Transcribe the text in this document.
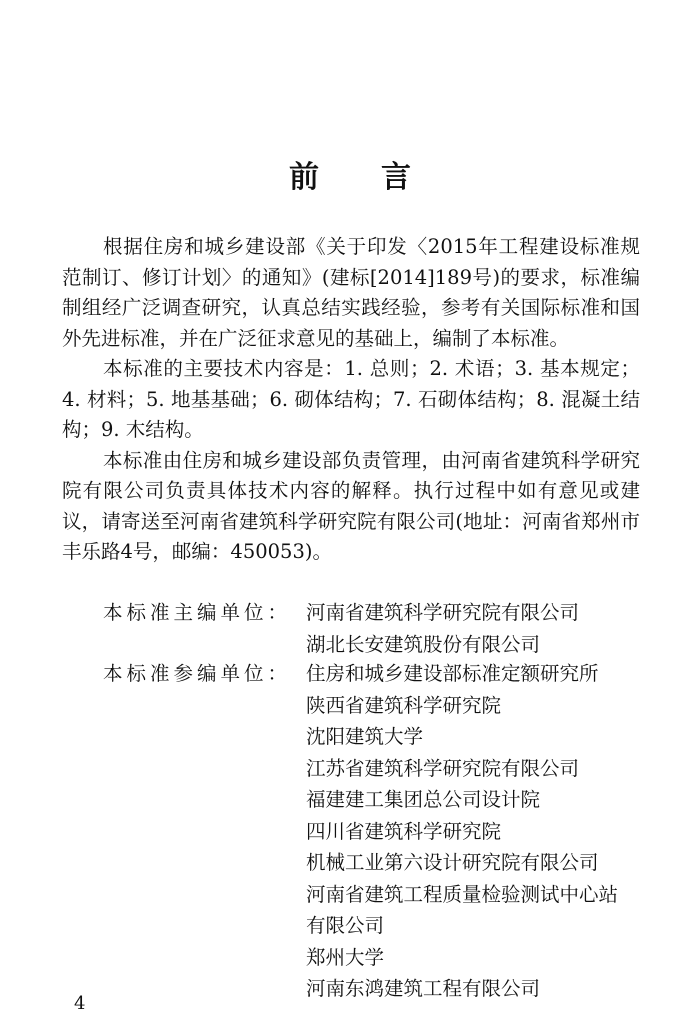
前言

根据住房和城乡建设部《关于印发〈2015年工程建设标准规范制订、修订计划〉的通知》(建标[2014]189号)的要求，标准编制组经广泛调查研究，认真总结实践经验，参考有关国际标准和国外先进标准，并在广泛征求意见的基础上，编制了本标准。

本标准的主要技术内容是：1. 总则；2. 术语；3. 基本规定；4. 材料；5. 地基基础；6. 砌体结构；7. 石砌体结构；8. 混凝土结构；9. 木结构。

本标准由住房和城乡建设部负责管理，由河南省建筑科学研究院有限公司负责具体技术内容的解释。执行过程中如有意见或建议，请寄送至河南省建筑科学研究院有限公司(地址：河南省郑州市丰乐路4号，邮编：450053)。

本标准主编单位： 河南省建筑科学研究院有限公司
湖北长安建筑股份有限公司
本标准参编单位： 住房和城乡建设部标准定额研究所
陕西省建筑科学研究院
沈阳建筑大学
江苏省建筑科学研究院有限公司
福建建工集团总公司设计院
四川省建筑科学研究院
机械工业第六设计研究院有限公司
河南省建筑工程质量检验测试中心站
有限公司
郑州大学
河南东鸿建筑工程有限公司
4
